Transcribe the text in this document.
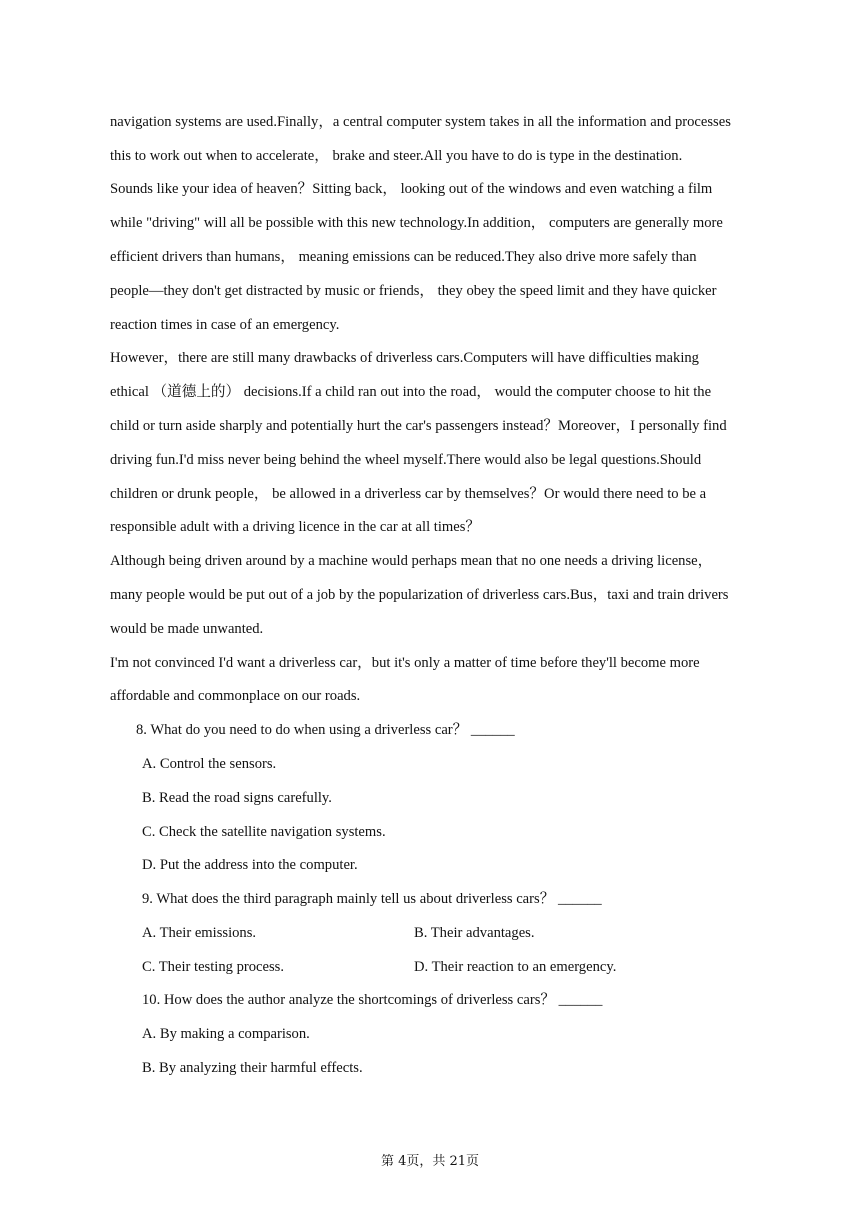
navigation systems are used.Finally，a central computer system takes in all the information and processes
this to work out when to accelerate， brake and steer.All you have to do is type in the destination.
Sounds like your idea of heaven？Sitting back， looking out of the windows and even watching a film
while "driving" will all be possible with this new technology.In addition， computers are generally more
efficient drivers than humans， meaning emissions can be reduced.They also drive more safely than
people—they don't get distracted by music or friends， they obey the speed limit and they have quicker
reaction times in case of an emergency.
However，there are still many drawbacks of driverless cars.Computers will have difficulties making
ethical （道德上的） decisions.If a child ran out into the road， would the computer choose to hit the
child or turn aside sharply and potentially hurt the car's passengers instead？Moreover，I personally find
driving fun.I'd miss never being behind the wheel myself.There would also be legal questions.Should
children or drunk people， be allowed in a driverless car by themselves？Or would there need to be a
responsible adult with a driving licence in the car at all times？
Although being driven around by a machine would perhaps mean that no one needs a driving license，
many people would be put out of a job by the popularization of driverless cars.Bus，taxi and train drivers
would be made unwanted.
I'm not convinced I'd want a driverless car，but it's only a matter of time before they'll become more
affordable and commonplace on our roads.
8. What do you need to do when using a driverless car？ ______
A. Control the sensors.
B. Read the road signs carefully.
C. Check the satellite navigation systems.
D. Put the address into the computer.
9. What does the third paragraph mainly tell us about driverless cars？ ______
A. Their emissions.	B. Their advantages.
C. Their testing process.	D. Their reaction to an emergency.
10. How does the author analyze the shortcomings of driverless cars？ ______
A. By making a comparison.
B. By analyzing their harmful effects.
第 4页，共 21页
